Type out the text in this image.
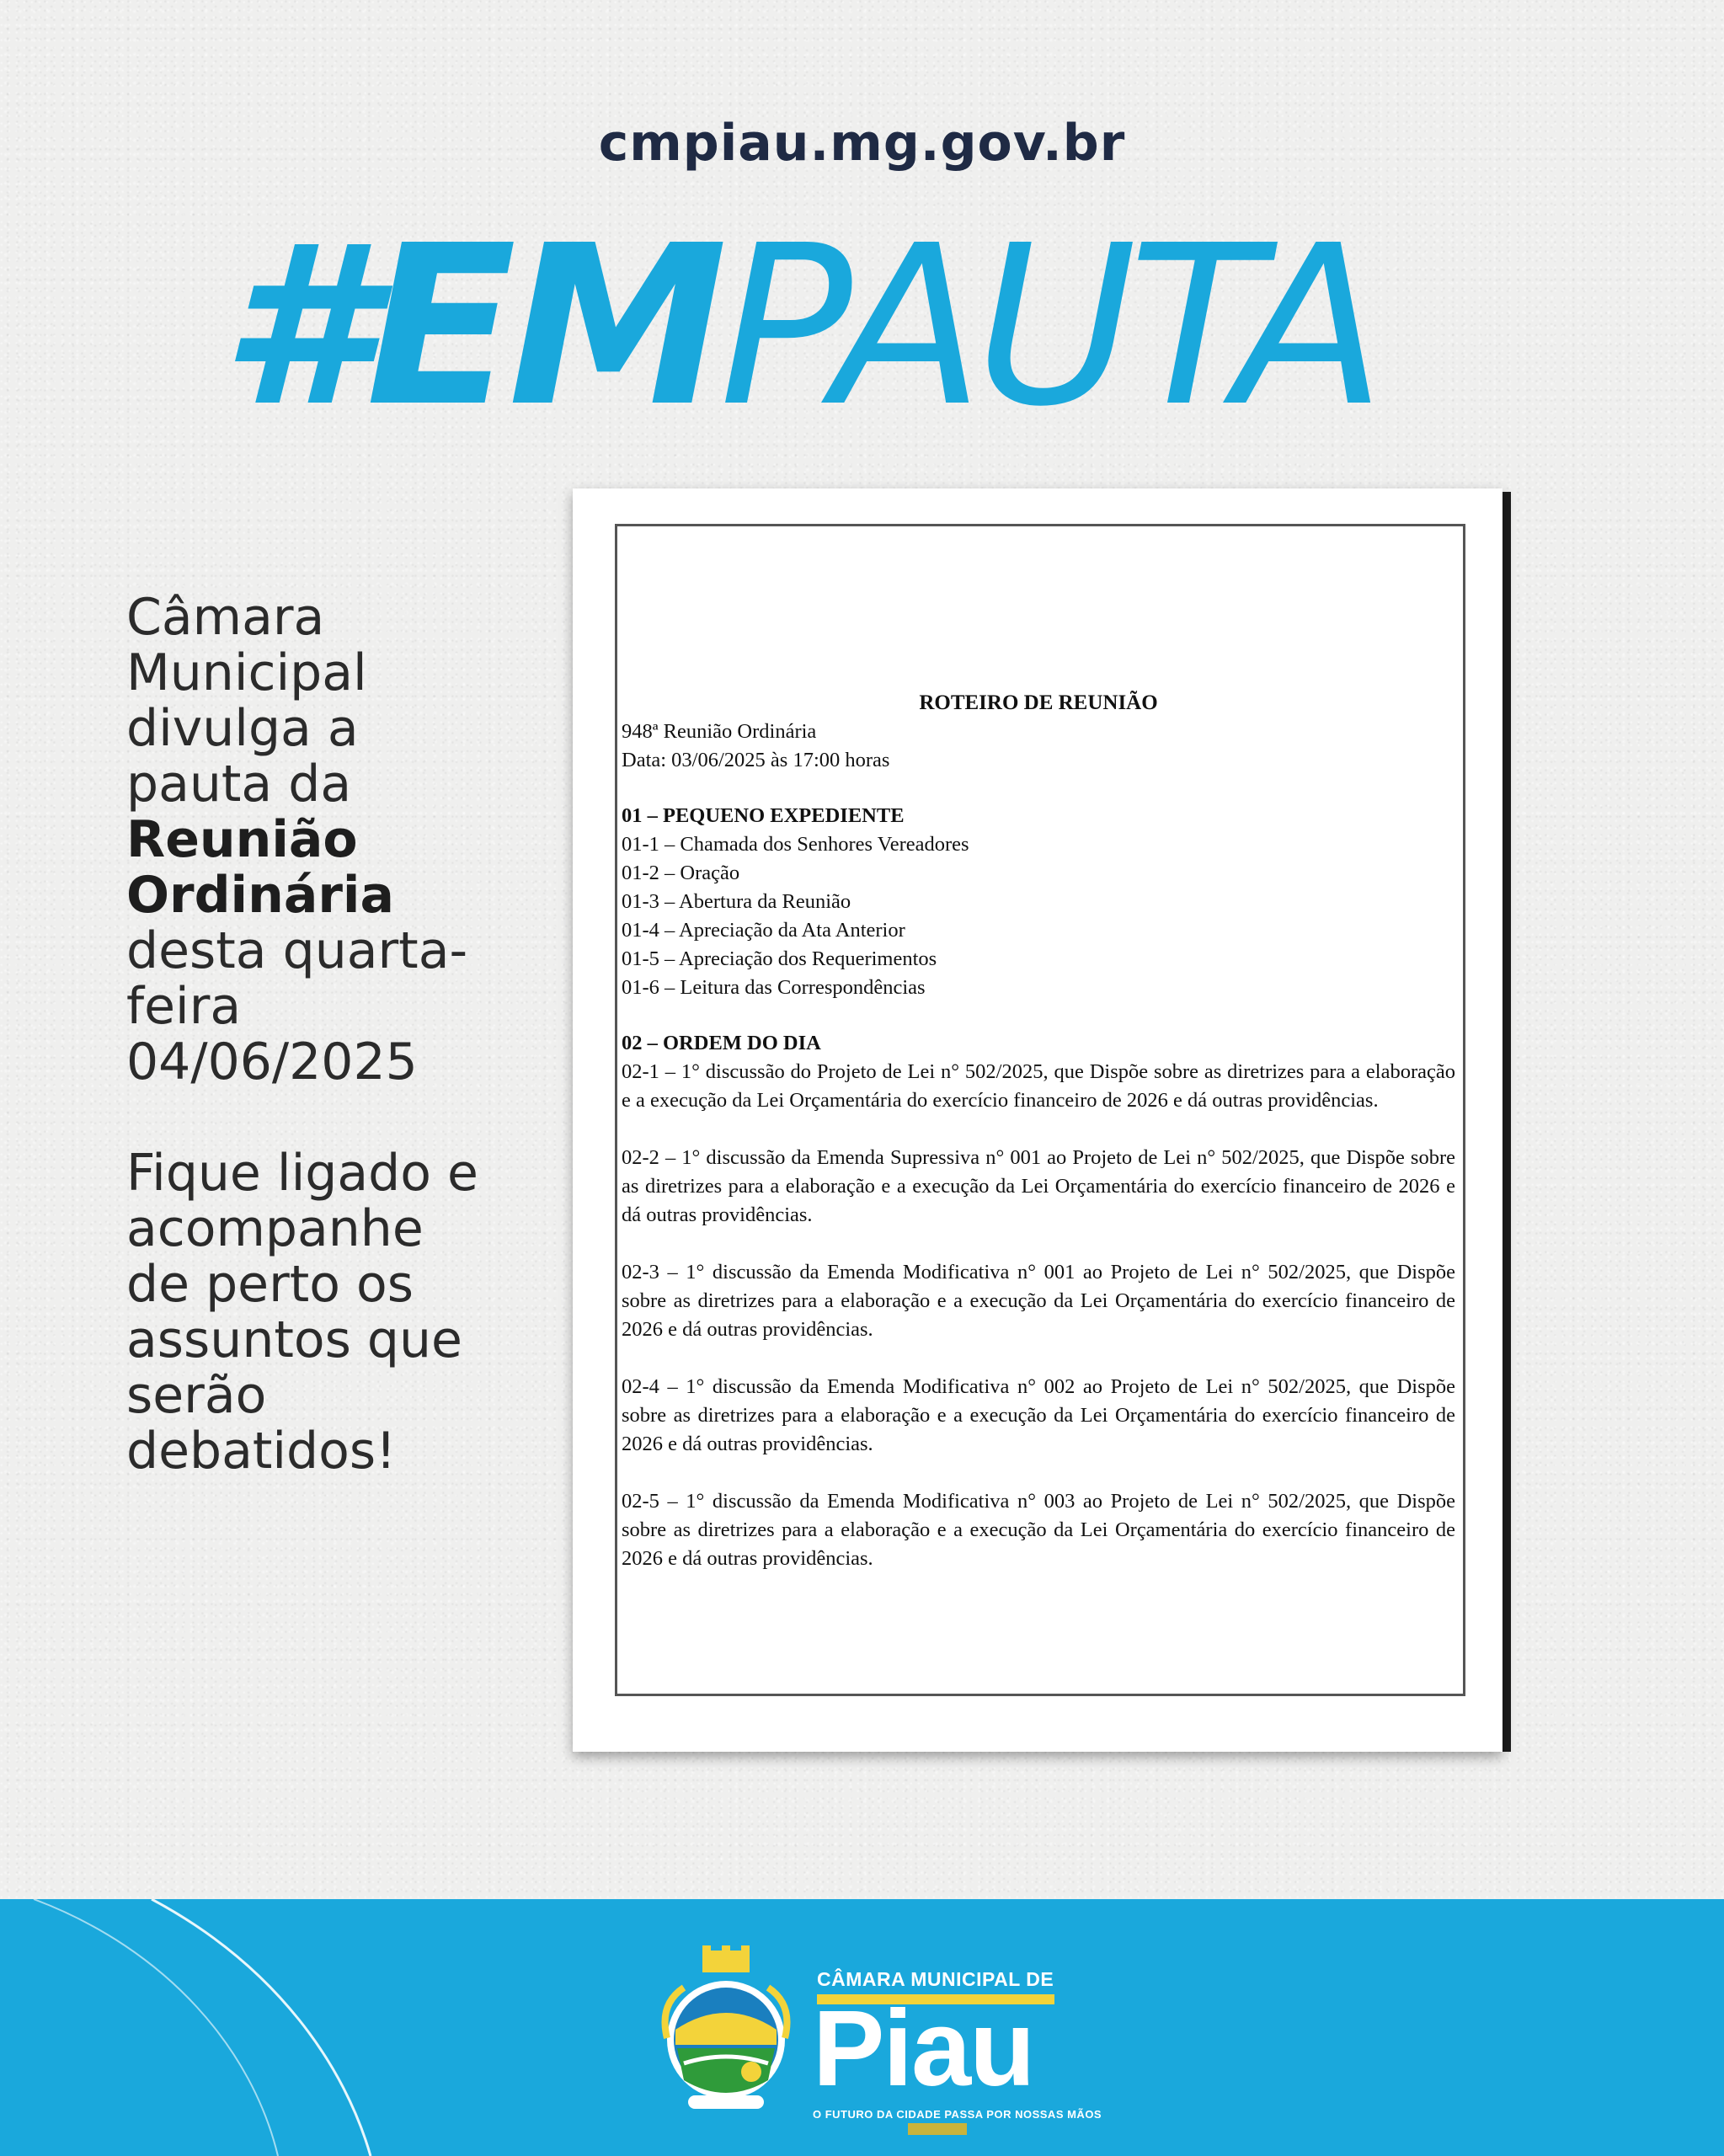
cmpiau.mg.gov.br
#EMPAUTA

Câmara

Municipal

divulga a

pauta da

Reunião

Ordinária

desta quarta-

feira

04/06/2025

Fique ligado e

acompanhe

de perto os

assuntos que

serão

debatidos!

ROTEIRO DE REUNIÃO

948ª Reunião Ordinária

Data: 03/06/2025 às 17:00 horas

01 – PEQUENO EXPEDIENTE

01-1 – Chamada dos Senhores Vereadores

01-2 – Oração

01-3 – Abertura da Reunião

01-4 – Apreciação da Ata Anterior

01-5 – Apreciação dos Requerimentos

01-6 – Leitura das Correspondências

02 – ORDEM DO DIA

02-1 – 1° discussão do Projeto de Lei n° 502/2025, que Dispõe sobre as diretrizes para a elaboração e a execução da Lei Orçamentária do exercício financeiro de 2026 e dá outras providências.

02-2 – 1° discussão da Emenda Supressiva n° 001 ao Projeto de Lei n° 502/2025, que Dispõe sobre as diretrizes para a elaboração e a execução da Lei Orçamentária do exercício financeiro de 2026 e dá outras providências.

02-3 – 1° discussão da Emenda Modificativa n° 001 ao Projeto de Lei n° 502/2025, que Dispõe sobre as diretrizes para a elaboração e a execução da Lei Orçamentária do exercício financeiro de 2026 e dá outras providências.

02-4 – 1° discussão da Emenda Modificativa n° 002 ao Projeto de Lei n° 502/2025, que Dispõe sobre as diretrizes para a elaboração e a execução da Lei Orçamentária do exercício financeiro de 2026 e dá outras providências.

02-5 – 1° discussão da Emenda Modificativa n° 003 ao Projeto de Lei n° 502/2025, que Dispõe sobre as diretrizes para a elaboração e a execução da Lei Orçamentária do exercício financeiro de 2026 e dá outras providências.

CÂMARA MUNICIPAL DE
Piau
O FUTURO DA CIDADE PASSA POR NOSSAS MÃOS
